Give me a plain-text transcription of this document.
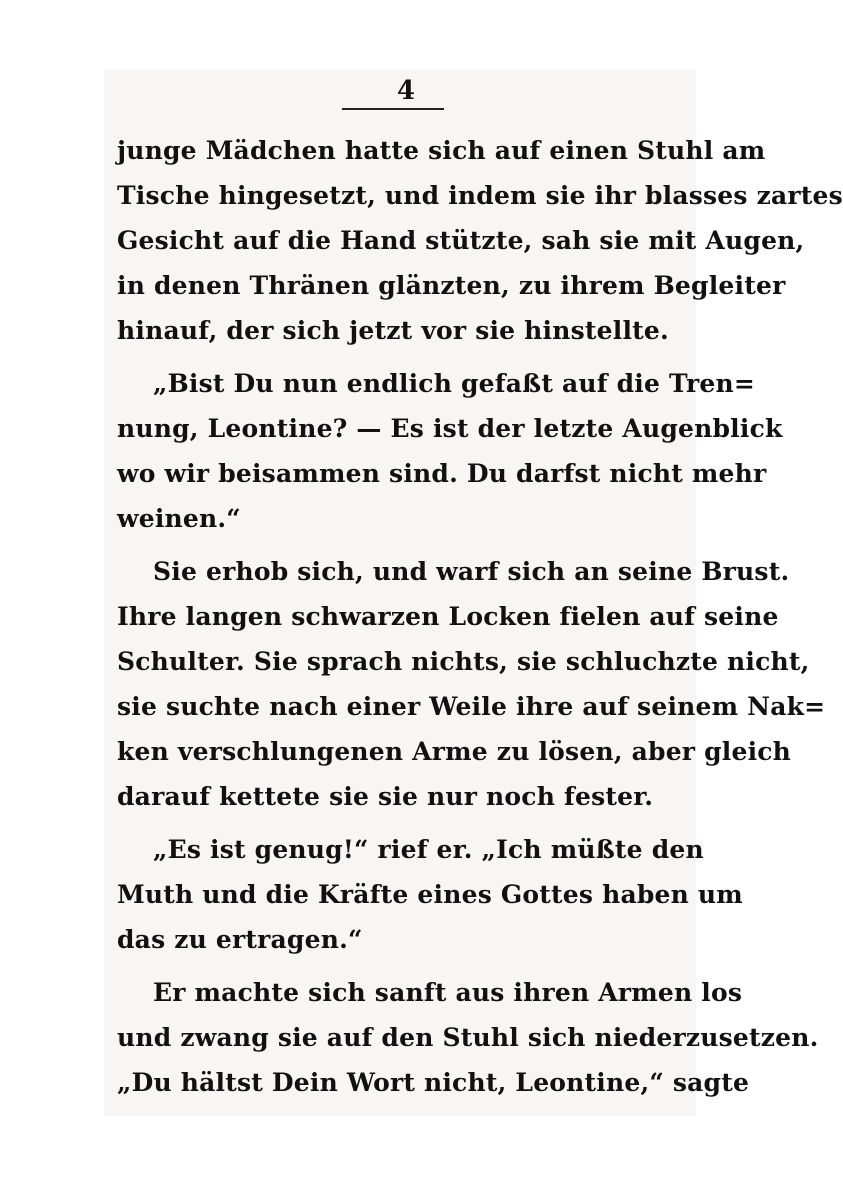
4
junge Mädchen hatte sich auf einen Stuhl am
Tische hingesetzt, und indem sie ihr blasses zartes
Gesicht auf die Hand stützte, sah sie mit Augen,
in denen Thränen glänzten, zu ihrem Begleiter
hinauf, der sich jetzt vor sie hinstellte.
„Bist Du nun endlich gefaßt auf die Tren=
nung, Leontine? — Es ist der letzte Augenblick
wo wir beisammen sind. Du darfst nicht mehr
weinen.“
Sie erhob sich, und warf sich an seine Brust.
Ihre langen schwarzen Locken fielen auf seine
Schulter. Sie sprach nichts, sie schluchzte nicht,
sie suchte nach einer Weile ihre auf seinem Nak=
ken verschlungenen Arme zu lösen, aber gleich
darauf kettete sie sie nur noch fester.
„Es ist genug!“ rief er. „Ich müßte den
Muth und die Kräfte eines Gottes haben um
das zu ertragen.“
Er machte sich sanft aus ihren Armen los
und zwang sie auf den Stuhl sich niederzusetzen.
„Du hältst Dein Wort nicht, Leontine,“ sagte
